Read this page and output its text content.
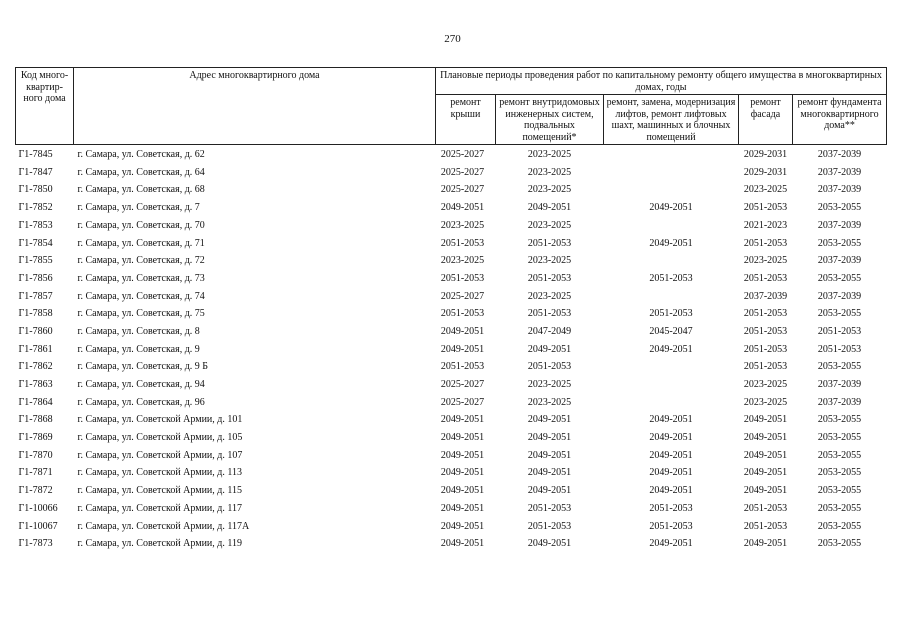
270
Код много-квартир-ного дома	Адрес многоквартирного дома	Плановые периоды проведения работ по капитальному ремонту общего имущества в многоквартирных домах, годы				
		ремонт крыши	ремонт внутридомовых инженерных систем, подвальных помещений*	ремонт, замена, модернизация лифтов, ремонт лифтовых шахт, машинных и блочных помещений	ремонт фасада	ремонт фундамента многоквартирного дома**
Г1-7845	г. Самара, ул. Советская, д. 62	2025-2027	2023-2025		2029-2031	2037-2039
Г1-7847	г. Самара, ул. Советская, д. 64	2025-2027	2023-2025		2029-2031	2037-2039
Г1-7850	г. Самара, ул. Советская, д. 68	2025-2027	2023-2025		2023-2025	2037-2039
Г1-7852	г. Самара, ул. Советская, д. 7	2049-2051	2049-2051	2049-2051	2051-2053	2053-2055
Г1-7853	г. Самара, ул. Советская, д. 70	2023-2025	2023-2025		2021-2023	2037-2039
Г1-7854	г. Самара, ул. Советская, д. 71	2051-2053	2051-2053	2049-2051	2051-2053	2053-2055
Г1-7855	г. Самара, ул. Советская, д. 72	2023-2025	2023-2025		2023-2025	2037-2039
Г1-7856	г. Самара, ул. Советская, д. 73	2051-2053	2051-2053	2051-2053	2051-2053	2053-2055
Г1-7857	г. Самара, ул. Советская, д. 74	2025-2027	2023-2025		2037-2039	2037-2039
Г1-7858	г. Самара, ул. Советская, д. 75	2051-2053	2051-2053	2051-2053	2051-2053	2053-2055
Г1-7860	г. Самара, ул. Советская, д. 8	2049-2051	2047-2049	2045-2047	2051-2053	2051-2053
Г1-7861	г. Самара, ул. Советская, д. 9	2049-2051	2049-2051	2049-2051	2051-2053	2051-2053
Г1-7862	г. Самара, ул. Советская, д. 9 Б	2051-2053	2051-2053		2051-2053	2053-2055
Г1-7863	г. Самара, ул. Советская, д. 94	2025-2027	2023-2025		2023-2025	2037-2039
Г1-7864	г. Самара, ул. Советская, д. 96	2025-2027	2023-2025		2023-2025	2037-2039
Г1-7868	г. Самара, ул. Советской Армии, д. 101	2049-2051	2049-2051	2049-2051	2049-2051	2053-2055
Г1-7869	г. Самара, ул. Советской Армии, д. 105	2049-2051	2049-2051	2049-2051	2049-2051	2053-2055
Г1-7870	г. Самара, ул. Советской Армии, д. 107	2049-2051	2049-2051	2049-2051	2049-2051	2053-2055
Г1-7871	г. Самара, ул. Советской Армии, д. 113	2049-2051	2049-2051	2049-2051	2049-2051	2053-2055
Г1-7872	г. Самара, ул. Советской Армии, д. 115	2049-2051	2049-2051	2049-2051	2049-2051	2053-2055
Г1-10066	г. Самара, ул. Советской Армии, д. 117	2049-2051	2051-2053	2051-2053	2051-2053	2053-2055
Г1-10067	г. Самара, ул. Советской Армии, д. 117А	2049-2051	2051-2053	2051-2053	2051-2053	2053-2055
Г1-7873	г. Самара, ул. Советской Армии, д. 119	2049-2051	2049-2051	2049-2051	2049-2051	2053-2055
